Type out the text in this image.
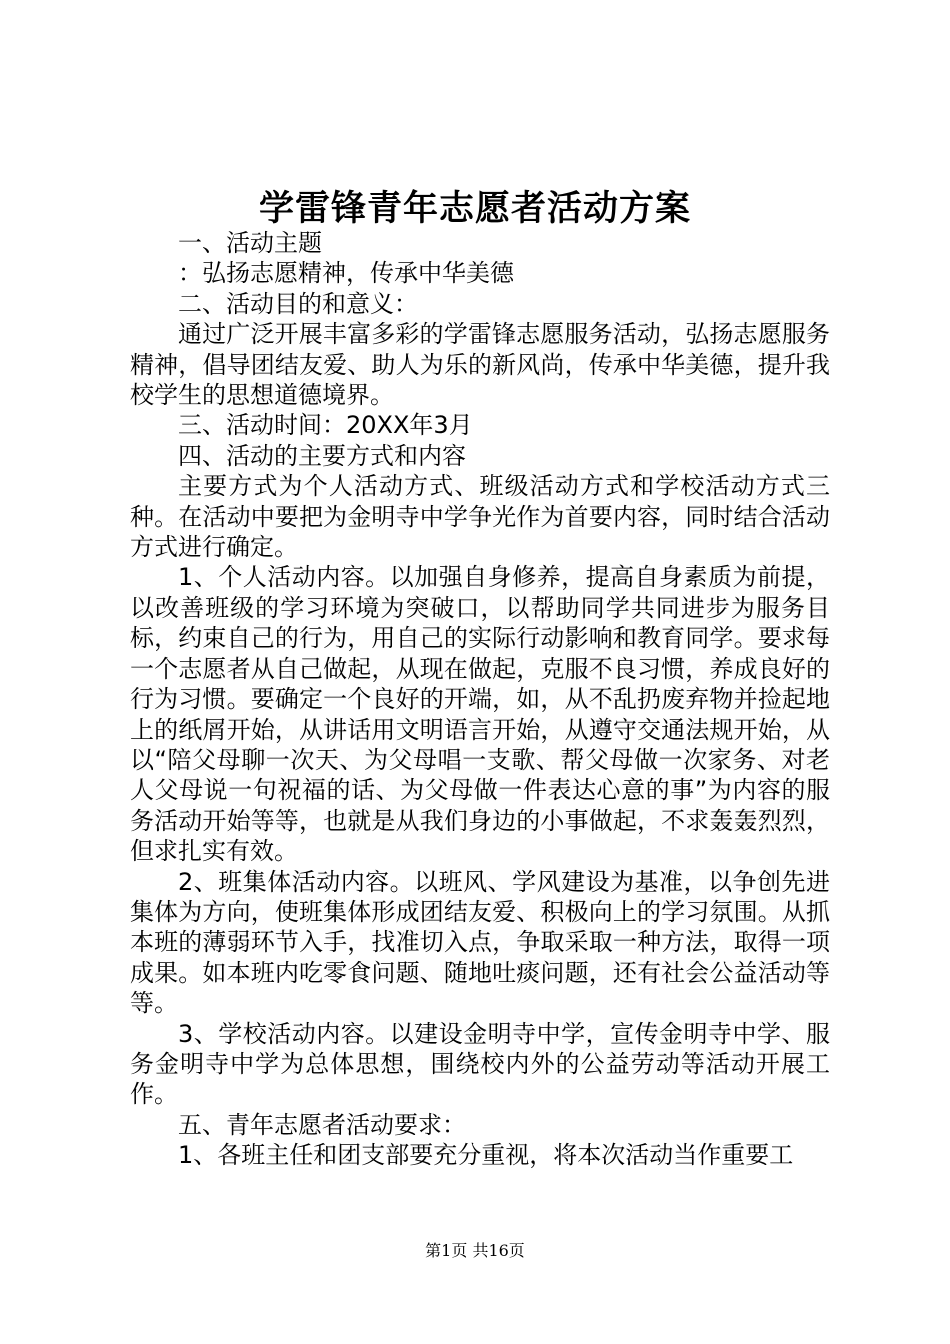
学雷锋青年志愿者活动方案

一、活动主题

：弘扬志愿精神，传承中华美德

二、活动目的和意义：

通过广泛开展丰富多彩的学雷锋志愿服务活动，弘扬志愿服务精神，倡导团结友爱、助人为乐的新风尚，传承中华美德，提升我校学生的思想道德境界。

三、活动时间：20XX年3月

四、活动的主要方式和内容

主要方式为个人活动方式、班级活动方式和学校活动方式三种。在活动中要把为金明寺中学争光作为首要内容，同时结合活动方式进行确定。

1、个人活动内容。以加强自身修养，提高自身素质为前提，以改善班级的学习环境为突破口，以帮助同学共同进步为服务目标，约束自己的行为，用自己的实际行动影响和教育同学。要求每一个志愿者从自己做起，从现在做起，克服不良习惯，养成良好的行为习惯。要确定一个良好的开端，如，从不乱扔废弃物并捡起地上的纸屑开始，从讲话用文明语言开始，从遵守交通法规开始，从以“陪父母聊一次天、为父母唱一支歌、帮父母做一次家务、对老人父母说一句祝福的话、为父母做一件表达心意的事”为内容的服务活动开始等等，也就是从我们身边的小事做起，不求轰轰烈烈，但求扎实有效。

2、班集体活动内容。以班风、学风建设为基准，以争创先进集体为方向，使班集体形成团结友爱、积极向上的学习氛围。从抓本班的薄弱环节入手，找准切入点，争取采取一种方法，取得一项成果。如本班内吃零食问题、随地吐痰问题，还有社会公益活动等等。

3、学校活动内容。以建设金明寺中学，宣传金明寺中学、服务金明寺中学为总体思想，围绕校内外的公益劳动等活动开展工作。

五、青年志愿者活动要求：

1、各班主任和团支部要充分重视，将本次活动当作重要工

第1页 共16页
